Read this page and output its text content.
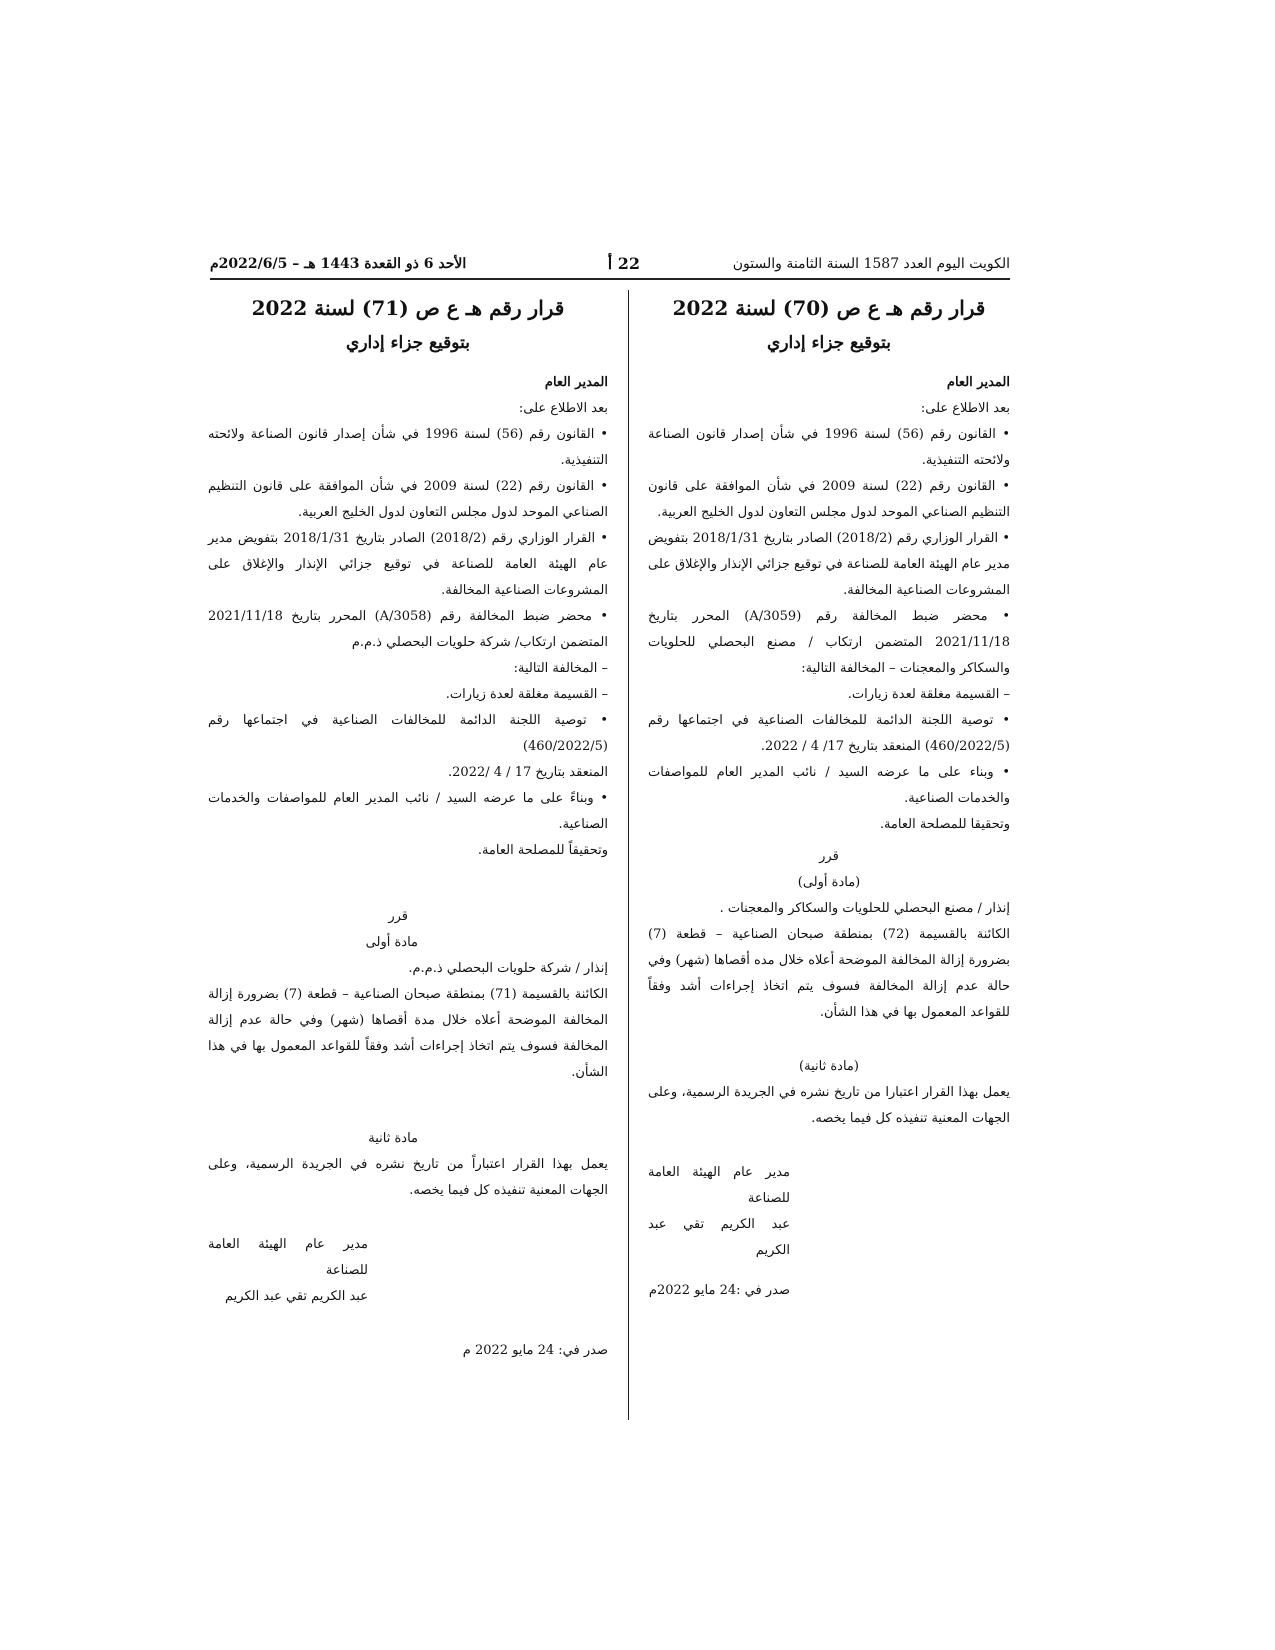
الكويت اليوم العدد 1587 السنة الثامنة والستون
22 أ
الأحد 6 ذو القعدة 1443 هـ – 2022/6/5م

قرار رقم هـ ع ص (70) لسنة 2022

بتوقيع جزاء إداري

المدير العام

بعد الاطلاع على:

• القانون رقم (56) لسنة 1996 في شأن إصدار قانون الصناعة ولائحته التنفيذية.

• القانون رقم (22) لسنة 2009 في شأن الموافقة على قانون التنظيم الصناعي الموحد لدول مجلس التعاون لدول الخليج العربية.

• القرار الوزاري رقم (2018/2) الصادر بتاريخ 2018/1/31 بتفويض مدير عام الهيئة العامة للصناعة في توقيع جزائي الإنذار والإغلاق على المشروعات الصناعية المخالفة.

• محضر ضبط المخالفة رقم (A/3059) المحرر بتاريخ 2021/11/18 المتضمن ارتكاب / مصنع البحصلي للحلويات والسكاكر والمعجنات – المخالفة التالية:

– القسيمة مغلقة لعدة زيارات.

• توصية اللجنة الدائمة للمخالفات الصناعية في اجتماعها رقم (460/2022/5) المنعقد بتاريخ 17/ 4 / 2022.

• وبناء على ما عرضه السيد / نائب المدير العام للمواصفات والخدمات الصناعية.

وتحقيقا للمصلحة العامة.

قرر

(مادة أولى)

إنذار / مصنع البحصلي للحلويات والسكاكر والمعجنات .

الكائنة بالقسيمة (72) بمنطقة صبحان الصناعية – قطعة (7) بضرورة إزالة المخالفة الموضحة أعلاه خلال مده أقصاها (شهر) وفي حالة عدم إزالة المخالفة فسوف يتم اتخاذ إجراءات أشد وفقاً للقواعد المعمول بها في هذا الشأن.

(مادة ثانية)

يعمل بهذا القرار اعتبارا من تاريخ نشره في الجريدة الرسمية، وعلى الجهات المعنية تنفيذه كل فيما يخصه.

مدير عام الهيئة العامة للصناعة

عبد الكريم تقي عبد الكريم

صدر في :24 مايو 2022م

قرار رقم هـ ع ص (71) لسنة 2022

بتوقيع جزاء إداري

المدير العام

بعد الاطلاع على:

• القانون رقم (56) لسنة 1996 في شأن إصدار قانون الصناعة ولائحته التنفيذية.

• القانون رقم (22) لسنة 2009 في شأن الموافقة على قانون التنظيم الصناعي الموحد لدول مجلس التعاون لدول الخليج العربية.

• القرار الوزاري رقم (2018/2) الصادر بتاريخ 2018/1/31 بتفويض مدير عام الهيئة العامة للصناعة في توقيع جزائي الإنذار والإغلاق على المشروعات الصناعية المخالفة.

• محضر ضبط المخالفة رقم (3058/A) المحرر بتاريخ 2021/11/18 المتضمن ارتكاب/ شركة حلويات البحصلي ذ.م.م

– المخالفة التالية:

– القسيمة مغلقة لعدة زيارات.

• توصية اللجنة الدائمة للمخالفات الصناعية في اجتماعها رقم (460/2022/5)

المنعقد بتاريخ 17 / 4 /2022.

• وبناءً على ما عرضه السيد / نائب المدير العام للمواصفات والخدمات الصناعية.

وتحقيقاً للمصلحة العامة.

قرر

مادة أولى

إنذار / شركة حلويات البحصلي ذ.م.م.

الكائنة بالقسيمة (71) بمنطقة صبحان الصناعية – قطعة (7) بضرورة إزالة المخالفة الموضحة أعلاه خلال مدة أقصاها (شهر) وفي حالة عدم إزالة المخالفة فسوف يتم اتخاذ إجراءات أشد وفقاً للقواعد المعمول بها في هذا الشأن.

مادة ثانية

يعمل بهذا القرار اعتباراً من تاريخ نشره في الجريدة الرسمية، وعلى الجهات المعنية تنفيذه كل فيما يخصه.

مدير عام الهيئة العامة للصناعة

عبد الكريم تقي عبد الكريم

صدر في: 24 مايو 2022 م
